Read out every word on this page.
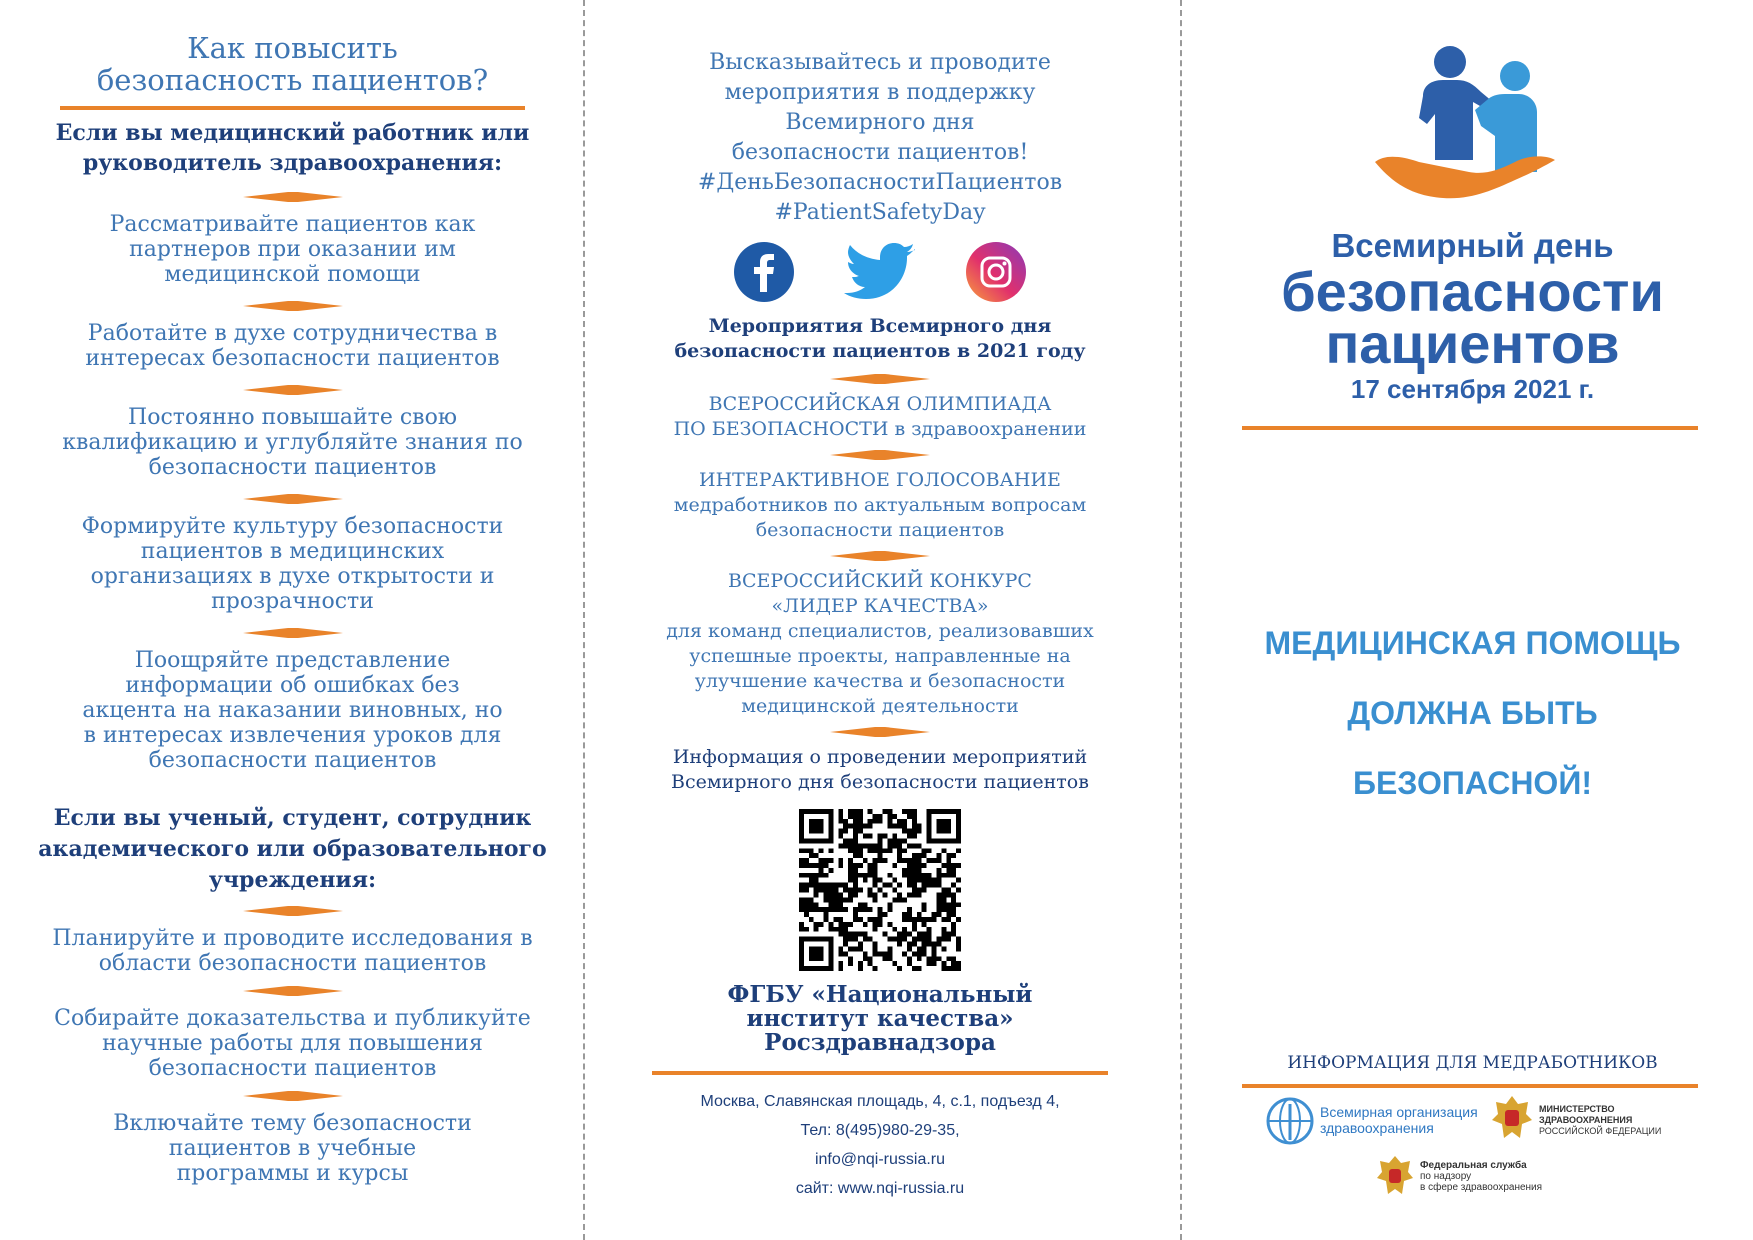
Как повысить
безопасность пациентов?
Если вы медицинский работник или
руководитель здравоохранения:
Рассматривайте пациентов как
партнеров при оказании им
медицинской помощи
Работайте в духе сотрудничества в
интересах безопасности пациентов
Постоянно повышайте свою
квалификацию и углубляйте знания по
безопасности пациентов
Формируйте культуру безопасности
пациентов в медицинских
организациях в духе открытости и
прозрачности
Поощряйте представление
информации об ошибках без
акцента на наказании виновных, но
в интересах извлечения уроков для
безопасности пациентов
Если вы ученый, студент, сотрудник
академического или образовательного
учреждения:
Планируйте и проводите исследования в
области безопасности пациентов
Собирайте доказательства и публикуйте
научные работы для повышения
безопасности пациентов
Включайте тему безопасности
пациентов в учебные
программы и курсы
Высказывайтесь и проводите
мероприятия в поддержку
Всемирного дня
безопасности пациентов!
#ДеньБезопасностиПациентов
#PatientSafetyDay

Мероприятия Всемирного дня
безопасности пациентов в 2021 году
ВСЕРОССИЙСКАЯ ОЛИМПИАДА
ПО БЕЗОПАСНОСТИ в здравоохранении
ИНТЕРАКТИВНОЕ ГОЛОСОВАНИЕ
медработников по актуальным вопросам
безопасности пациентов
ВСЕРОССИЙСКИЙ КОНКУРС
«ЛИДЕР КАЧЕСТВА»
для команд специалистов, реализовавших
успешные проекты, направленные на
улучшение качества и безопасности
медицинской деятельности
Информация о проведении мероприятий
Всемирного дня безопасности пациентов
ФГБУ «Национальный
институт качества»
Росздравнадзора
Москва, Славянская площадь, 4, с.1, подъезд 4,
Тел: 8(495)980-29-35,
info@nqi-russia.ru
сайт: www.nqi-russia.ru
Всемирный день
безопасности
пациентов
17 сентября 2021 г.
МЕДИЦИНСКАЯ ПОМОЩЬ
ДОЛЖНА БЫТЬ
БЕЗОПАСНОЙ!
ИНФОРМАЦИЯ ДЛЯ МЕДРАБОТНИКОВ
Всемирная организация
здравоохранения
МИНИСТЕРСТВО
ЗДРАВООХРАНЕНИЯ
РОССИЙСКОЙ ФЕДЕРАЦИИ
Федеральная служба
по надзору
в сфере здравоохранения
